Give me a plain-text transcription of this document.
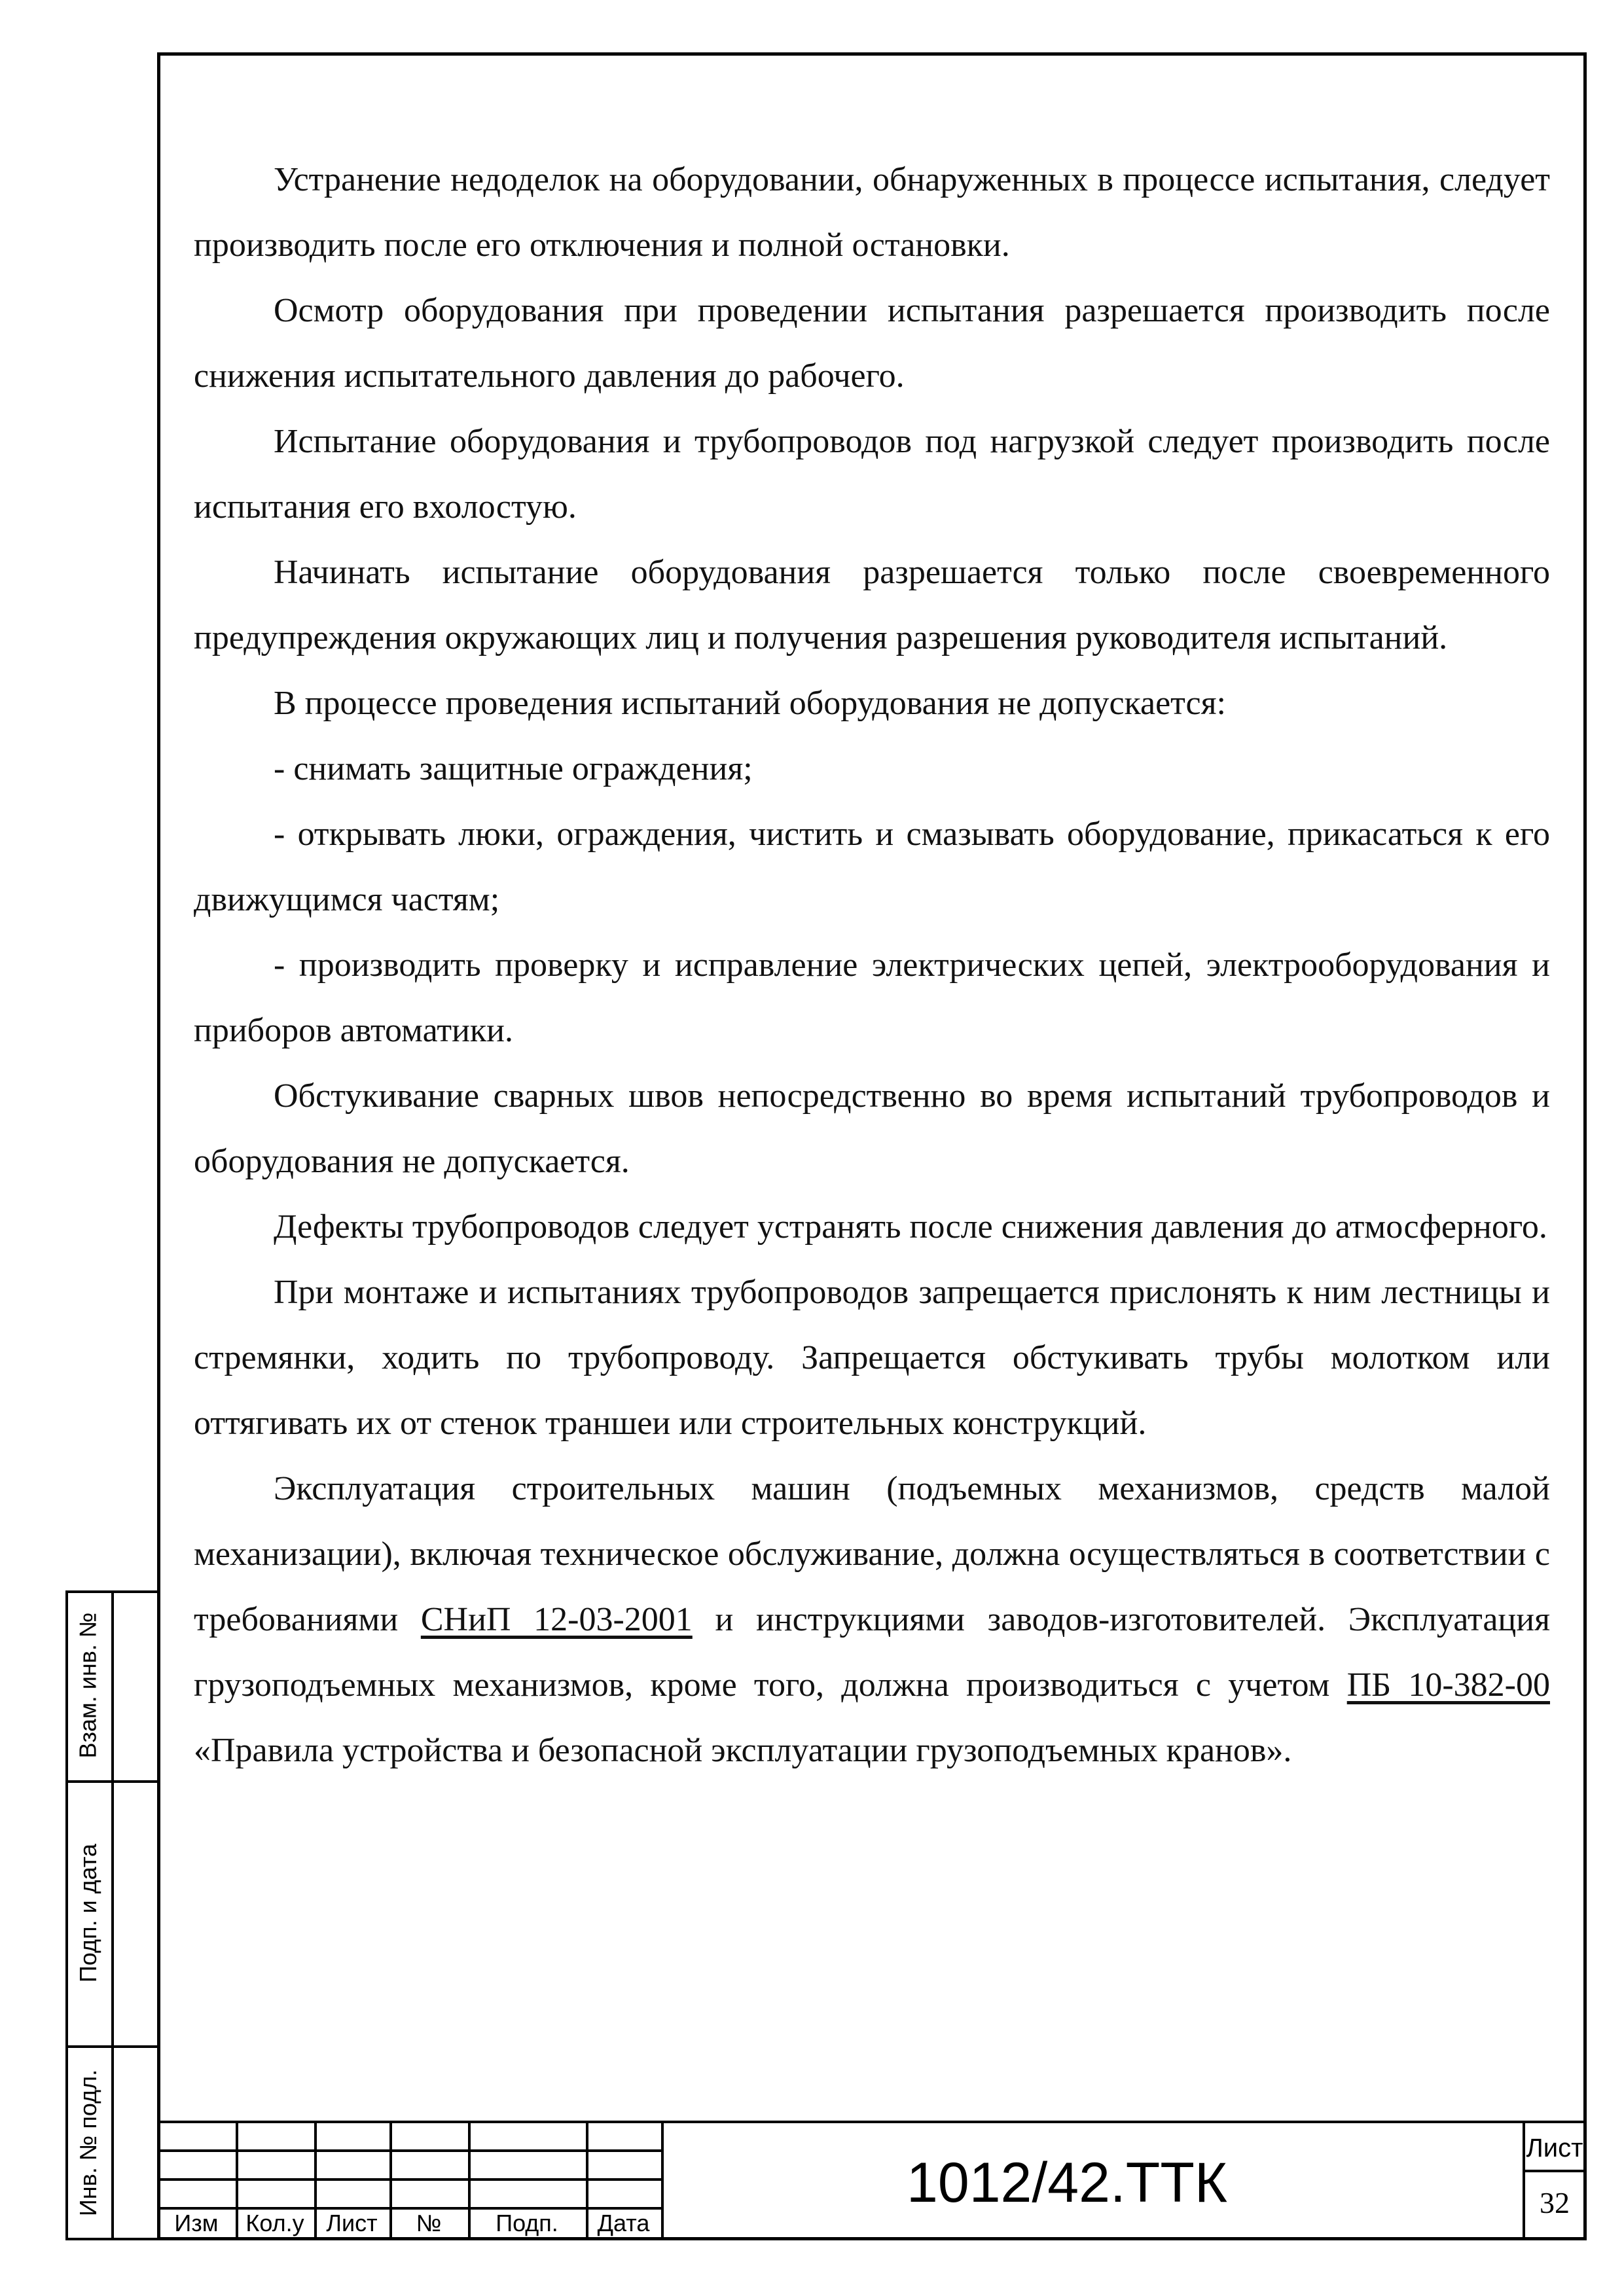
Устранение недоделок на оборудовании, обнаруженных в процессе испытания, следует производить после его отключения и полной остановки.

Осмотр оборудования при проведении испытания разрешается производить после снижения испытательного давления до рабочего.

Испытание оборудования и трубопроводов под нагрузкой следует производить после испытания его вхолостую.

Начинать испытание оборудования разрешается только после своевременного предупреждения окружающих лиц и получения разрешения руководителя испытаний.

В процессе проведения испытаний оборудования не допускается:

- снимать защитные ограждения;

- открывать люки, ограждения, чистить и смазывать оборудование, прикасаться к его движущимся частям;

- производить проверку и исправление электрических цепей, электрооборудования и приборов автоматики.

Обстукивание сварных швов непосредственно во время испытаний трубопроводов и оборудования не допускается.

Дефекты трубопроводов следует устранять после снижения давления до атмосферного.

При монтаже и испытаниях трубопроводов запрещается прислонять к ним лестницы и стремянки, ходить по трубопроводу. Запрещается обстукивать трубы молотком или оттягивать их от стенок траншеи или строительных конструкций.

Эксплуатация строительных машин (подъемных механизмов, средств малой механизации), включая техническое обслуживание, должна осуществляться в соответствии с требованиями СНиП 12-03-2001 и инструкциями заводов-изготовителей. Эксплуатация грузоподъемных механизмов, кроме того, должна производиться с учетом ПБ 10-382-00 «Правила устройства и безопасной эксплуатации грузоподъемных кранов».

Взам. инв. №
Подп. и дата
Инв. № подл.
Изм	Кол.у Лист	№	Подп.	Дата
1012/42.ТТК
Лист
32
